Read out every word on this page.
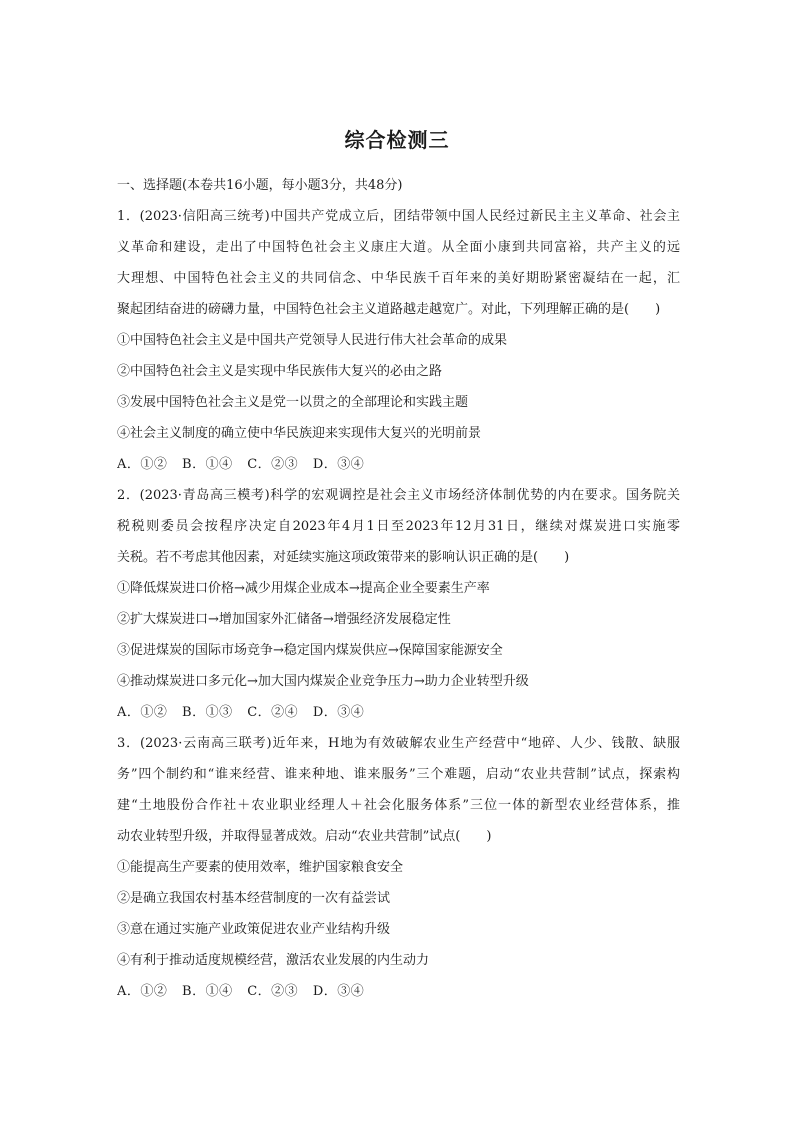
综合检测三
一、选择题(本卷共16小题，每小题3分，共48分)
1．(2023·信阳高三统考)中国共产党成立后，团结带领中国人民经过新民主主义革命、社会主
义革命和建设，走出了中国特色社会主义康庄大道。从全面小康到共同富裕，共产主义的远
大理想、中国特色社会主义的共同信念、中华民族千百年来的美好期盼紧密凝结在一起，汇
聚起团结奋进的磅礴力量，中国特色社会主义道路越走越宽广。对此，下列理解正确的是(　　)
①中国特色社会主义是中国共产党领导人民进行伟大社会革命的成果
②中国特色社会主义是实现中华民族伟大复兴的必由之路
③发展中国特色社会主义是党一以贯之的全部理论和实践主题
④社会主义制度的确立使中华民族迎来实现伟大复兴的光明前景
A．①② B．①④ C．②③ D．③④
2．(2023·青岛高三模考)科学的宏观调控是社会主义市场经济体制优势的内在要求。国务院关
税税则委员会按程序决定自2023年4月1日至2023年12月31日，继续对煤炭进口实施零
关税。若不考虑其他因素，对延续实施这项政策带来的影响认识正确的是(　　)
①降低煤炭进口价格→减少用煤企业成本→提高企业全要素生产率
②扩大煤炭进口→增加国家外汇储备→增强经济发展稳定性
③促进煤炭的国际市场竞争→稳定国内煤炭供应→保障国家能源安全
④推动煤炭进口多元化→加大国内煤炭企业竞争压力→助力企业转型升级
A．①② B．①③ C．②④ D．③④
3．(2023·云南高三联考)近年来，H地为有效破解农业生产经营中“地碎、人少、钱散、缺服
务”四个制约和“谁来经营、谁来种地、谁来服务”三个难题，启动“农业共营制”试点，探索构
建“土地股份合作社＋农业职业经理人＋社会化服务体系”三位一体的新型农业经营体系，推
动农业转型升级，并取得显著成效。启动“农业共营制”试点(　　)
①能提高生产要素的使用效率，维护国家粮食安全
②是确立我国农村基本经营制度的一次有益尝试
③意在通过实施产业政策促进农业产业结构升级
④有利于推动适度规模经营，激活农业发展的内生动力
A．①② B．①④ C．②③ D．③④
